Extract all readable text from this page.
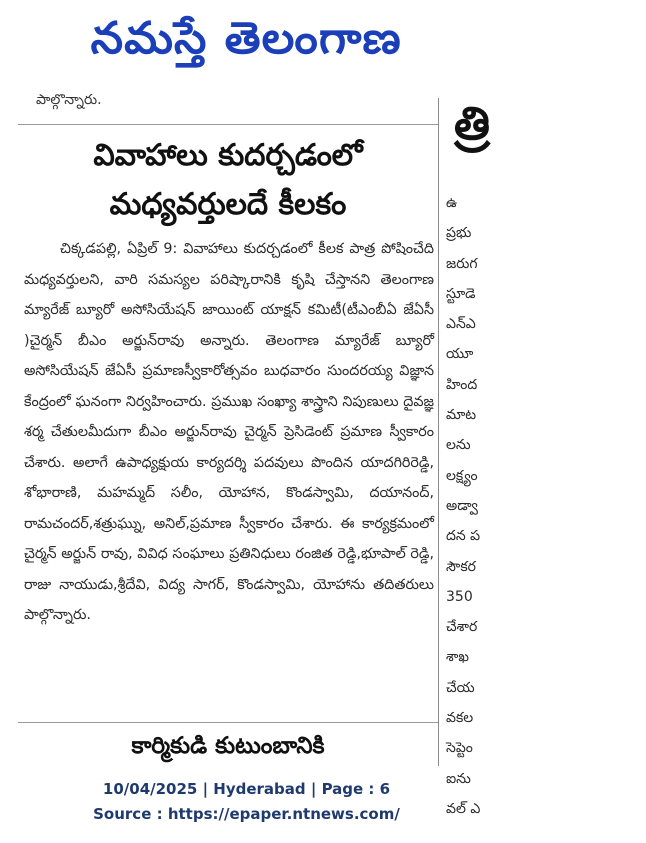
నమస్తే తెలంగాణ
పాల్గొన్నారు.
వివాహాలు కుదర్చడంలో
మధ్యవర్తులదే కీలకం
చిక్కడపల్లి, ఏప్రిల్ 9: వివాహాలు కుదర్చడంలో కీలక పాత్ర పోషించేది మధ్యవర్తులని, వారి సమస్యల పరిష్కారానికి కృషి చేస్తానని తెలంగాణ మ్యారేజ్ బ్యూరో అసోసియేషన్ జాయింట్ యాక్షన్ కమిటీ(టీఎంబీఏ జేఏసీ )చైర్మన్ బీఎం అర్జున్‌రావు అన్నారు. తెలంగాణ మ్యారేజ్ బ్యూరో అసోసియేషన్ జేఏసీ ప్రమాణస్వీకారోత్సవం బుధవారం సుందరయ్య విజ్ఞాన కేంద్రంలో ఘనంగా నిర్వహించారు. ప్రముఖ సంఖ్యా శాస్త్రాని నిపుణులు దైవజ్ఞ శర్మ చేతులమీదుగా బీఎం అర్జున్‌రావు చైర్మన్ ప్రెసిడెంట్ ప్రమాణ స్వీకారం చేశారు. అలాగే ఉపాధ్యక్షుయ కార్యదర్శి పదవులు పొందిన యాదగిరిరెడ్డి, శోభారాణి, మహమ్మద్ సలీం, యోహాన, కొండస్వామి, దయానంద్, రామచందర్,శత్రుఘ్ను, అనిల్,ప్రమాణ స్వీకారం చేశారు. ఈ కార్యక్రమంలో చైర్మన్ అర్జున్ రావు, వివిధ సంఘాలు ప్రతినిధులు రంజిత రెడ్డి,భూపాల్ రెడ్డి, రాజు నాయుడు,శ్రీదేవి, విద్య సాగర్, కొండస్వామి, యోహాను తదితరులు పాల్గొన్నారు.
కార్మికుడి కుటుంబానికి
త్రి
ఉ
ప్రభు
జరుగ
స్టూడె
ఎన్ఎ
యూ
హింద
మాట
లను
లక్ష్యం
అడ్వా
దన ప
సౌకర
350
చేశార
శాఖ
చేయ
వకల
సెప్టెం
ఐను
వల్ ఎ
10/04/2025 | Hyderabad | Page : 6
Source : https://epaper.ntnews.com/
